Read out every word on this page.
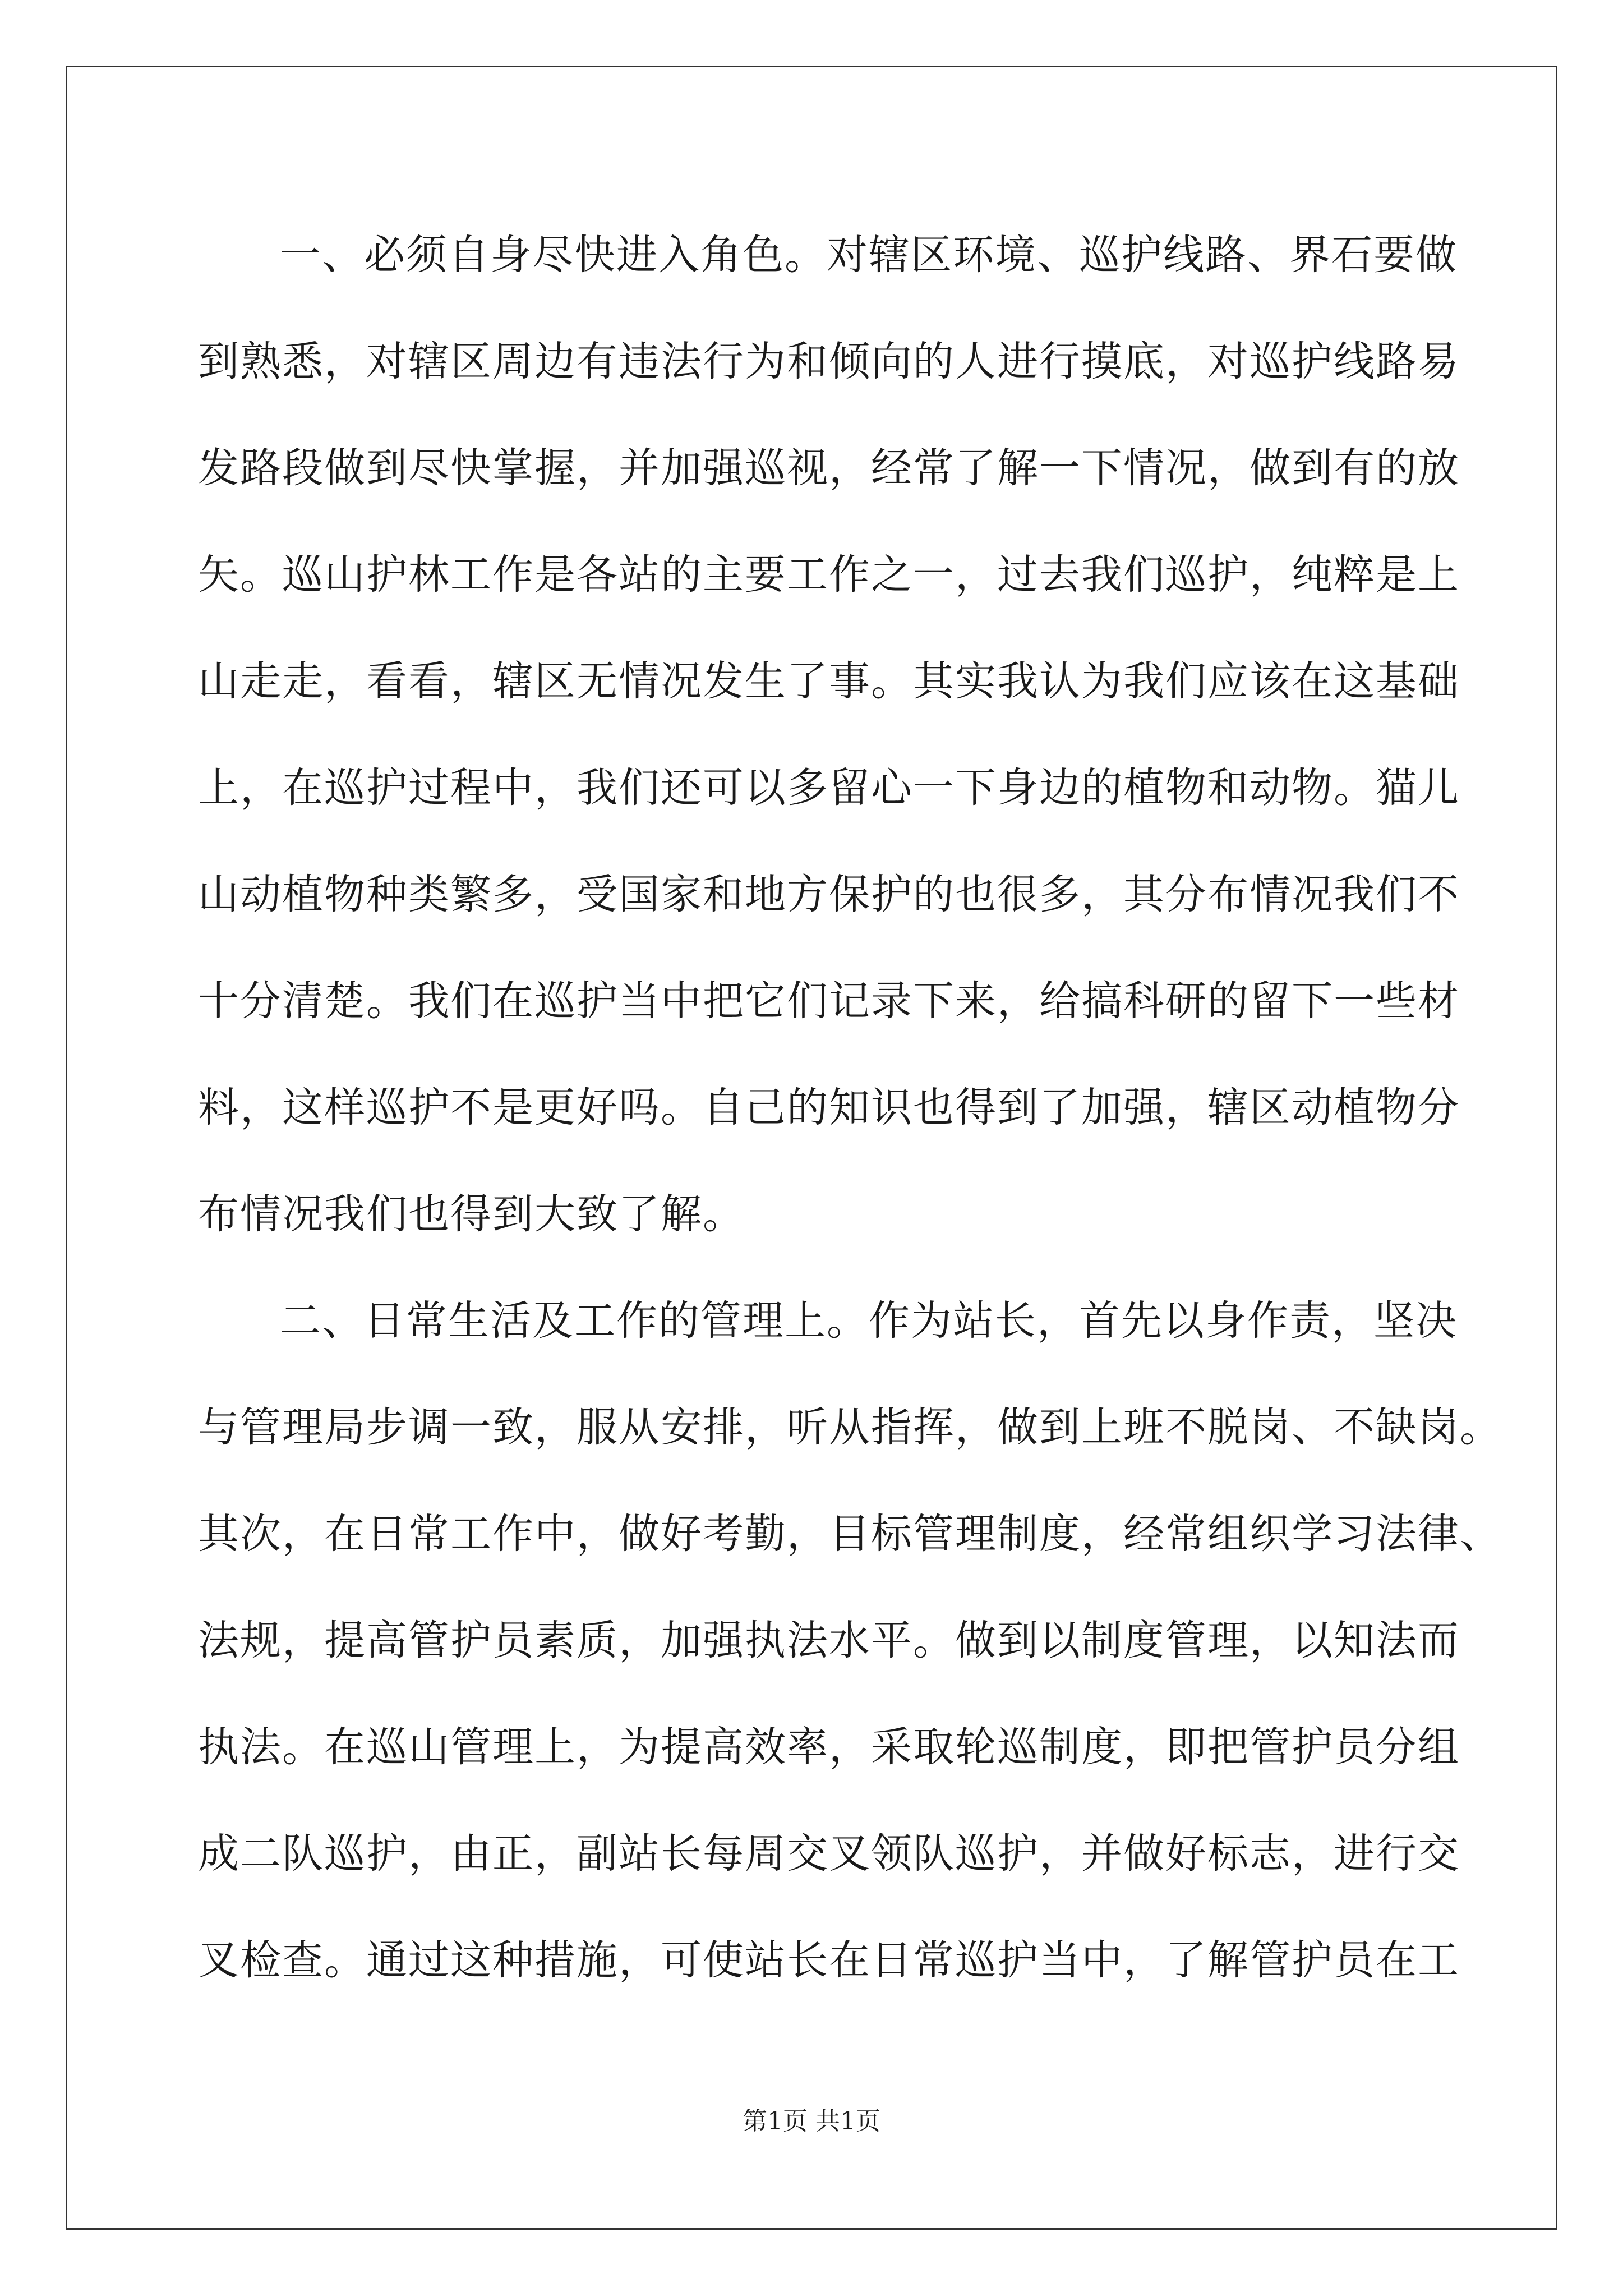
一、必须自身尽快进入角色。对辖区环境、巡护线路、界石要做
到熟悉，对辖区周边有违法行为和倾向的人进行摸底，对巡护线路易
发路段做到尽快掌握，并加强巡视，经常了解一下情况，做到有的放
矢。巡山护林工作是各站的主要工作之一，过去我们巡护，纯粹是上
山走走，看看，辖区无情况发生了事。其实我认为我们应该在这基础
上，在巡护过程中，我们还可以多留心一下身边的植物和动物。猫儿
山动植物种类繁多，受国家和地方保护的也很多，其分布情况我们不
十分清楚。我们在巡护当中把它们记录下来，给搞科研的留下一些材
料，这样巡护不是更好吗。自己的知识也得到了加强，辖区动植物分
布情况我们也得到大致了解。
二、日常生活及工作的管理上。作为站长，首先以身作责，坚决
与管理局步调一致，服从安排，听从指挥，做到上班不脱岗、不缺岗。
其次，在日常工作中，做好考勤，目标管理制度，经常组织学习法律、
法规，提高管护员素质，加强执法水平。做到以制度管理，以知法而
执法。在巡山管理上，为提高效率，采取轮巡制度，即把管护员分组
成二队巡护，由正，副站长每周交叉领队巡护，并做好标志，进行交
叉检查。通过这种措施，可使站长在日常巡护当中，了解管护员在工
第1页 共1页
